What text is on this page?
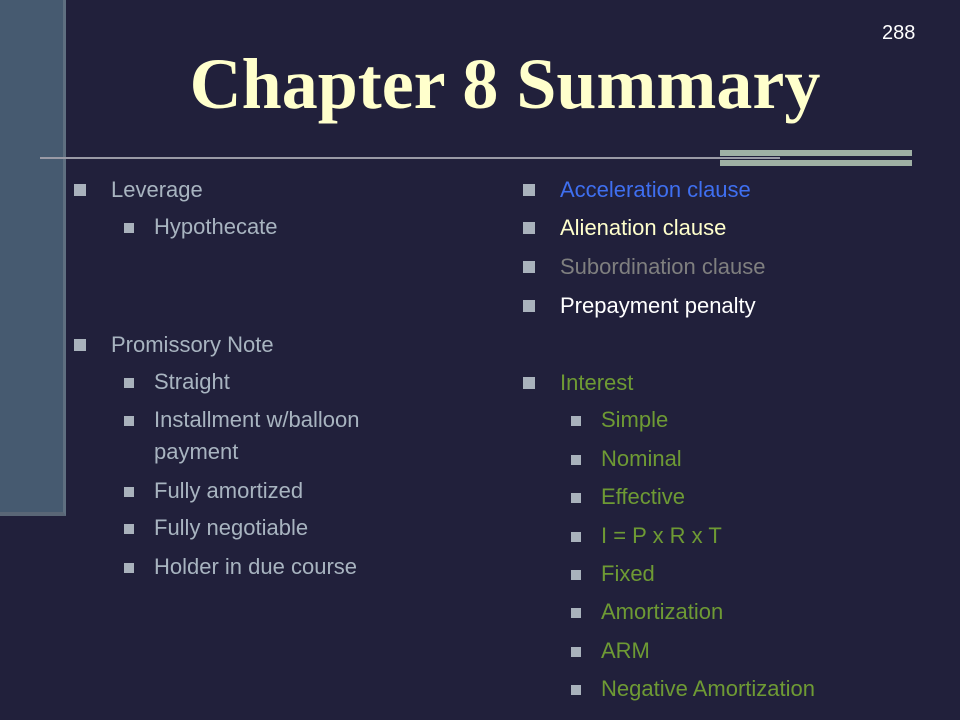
288
Chapter 8 Summary
Leverage
Hypothecate
Promissory Note
Straight
Installment w/balloon payment
Fully amortized
Fully negotiable
Holder in due course
Acceleration clause
Alienation clause
Subordination clause
Prepayment penalty
Interest
Simple
Nominal
Effective
I = P x R x T
Fixed
Amortization
ARM
Negative Amortization
